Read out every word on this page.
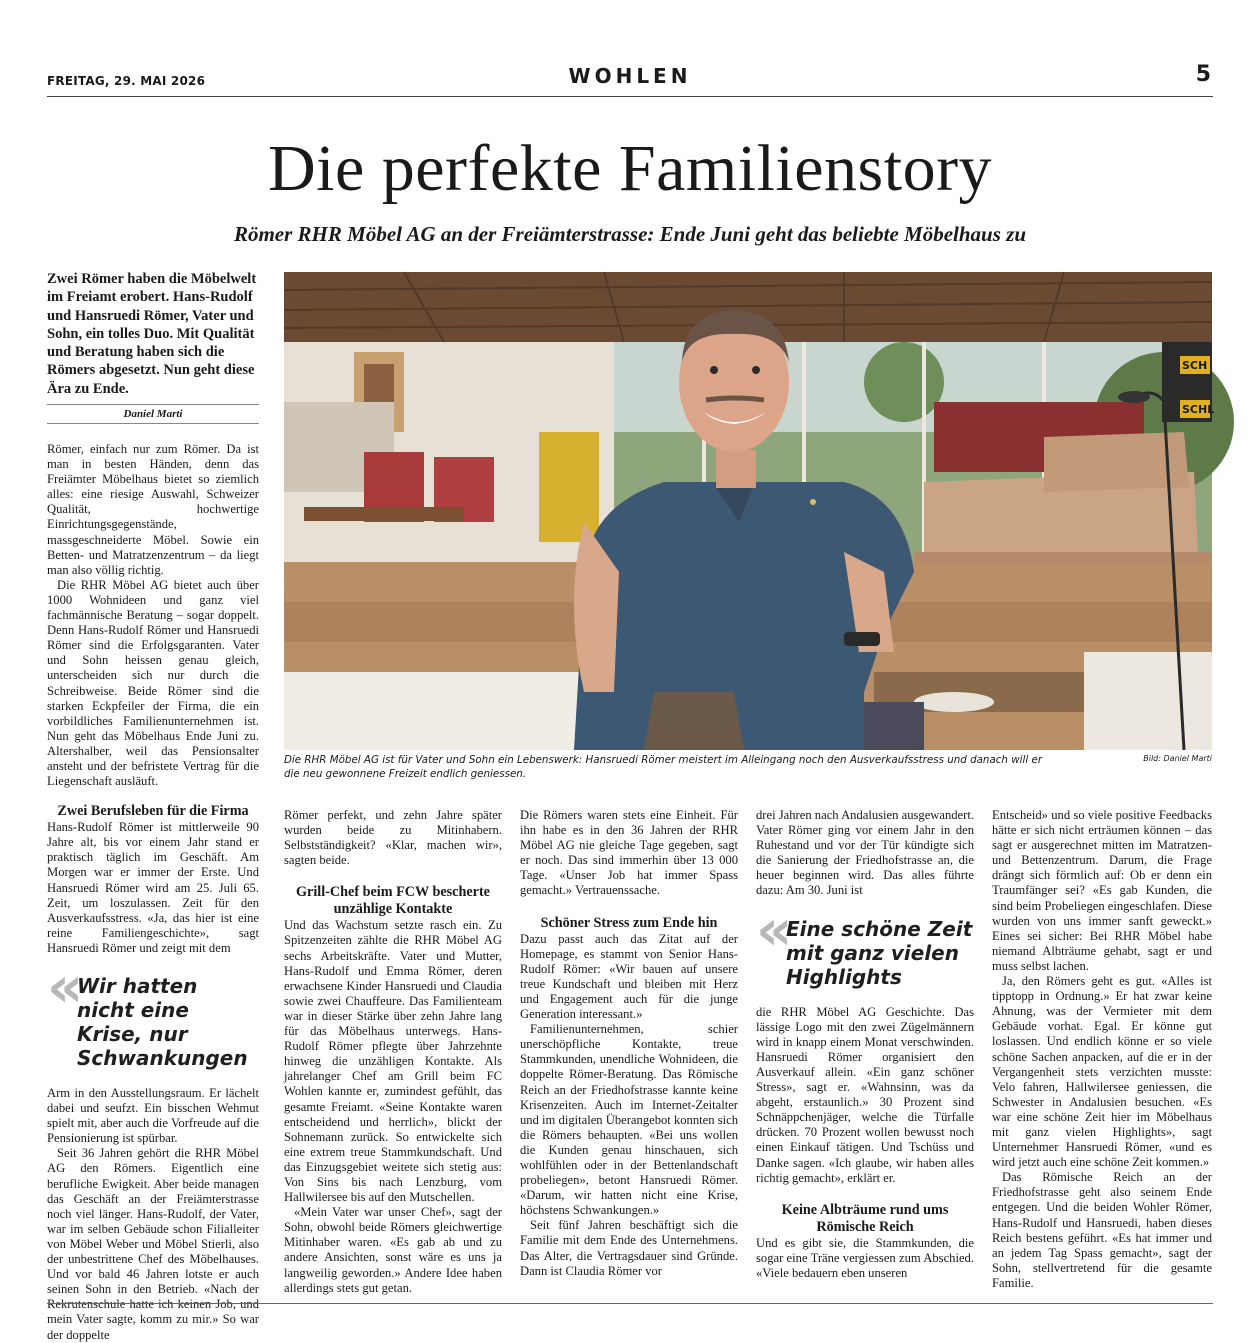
FREITAG, 29. MAI 2026	WOHLEN	5
Die perfekte Familienstory
Römer RHR Möbel AG an der Freiämterstrasse: Ende Juni geht das beliebte Möbelhaus zu
Zwei Römer haben die Möbelwelt im Freiamt erobert. Hans-Rudolf und Hansruedi Römer, Vater und Sohn, ein tolles Duo. Mit Qualität und Beratung haben sich die Römers abgesetzt. Nun geht diese Ära zu Ende.
Daniel Marti
SCH
SCHL
Die RHR Möbel AG ist für Vater und Sohn ein Lebenswerk: Hansruedi Römer meistert im Alleingang noch den Ausverkaufsstress und danach will er die neu gewonnene Freizeit endlich geniessen.
Bild: Daniel Marti

Römer, einfach nur zum Römer. Da ist man in besten Händen, denn das Freiämter Möbelhaus bietet so ziemlich alles: eine riesige Auswahl, Schweizer Qualität, hochwertige Einrichtungsgegenstände, massgeschneiderte Möbel. Sowie ein Betten- und Matratzenzentrum – da liegt man also völlig richtig.

Die RHR Möbel AG bietet auch über 1000 Wohnideen und ganz viel fachmännische Beratung – sogar doppelt. Denn Hans-Rudolf Römer und Hansruedi Römer sind die Erfolgsgaranten. Vater und Sohn heissen genau gleich, unterscheiden sich nur durch die Schreibweise. Beide Römer sind die starken Eckpfeiler der Firma, die ein vorbildliches Familienunternehmen ist. Nun geht das Möbelhaus Ende Juni zu. Altershalber, weil das Pensionsalter ansteht und der befristete Vertrag für die Liegenschaft ausläuft.

Zwei Berufsleben für die Firma

Hans-Rudolf Römer ist mittlerweile 90 Jahre alt, bis vor einem Jahr stand er praktisch täglich im Geschäft. Am Morgen war er immer der Erste. Und Hansruedi Römer wird am 25. Juli 65. Zeit, um loszulassen. Zeit für den Ausverkaufsstress. «Ja, das hier ist eine reine Familiengeschichte», sagt Hansruedi Römer und zeigt mit dem

«
Wir hatten nicht eine Krise, nur Schwankungen

Arm in den Ausstellungsraum. Er lächelt dabei und seufzt. Ein bisschen Wehmut spielt mit, aber auch die Vorfreude auf die Pensionierung ist spürbar.

Seit 36 Jahren gehört die RHR Möbel AG den Römers. Eigentlich eine berufliche Ewigkeit. Aber beide managen das Geschäft an der Freiämterstrasse noch viel länger. Hans-Rudolf, der Vater, war im selben Gebäude schon Filialleiter von Möbel Weber und Möbel Stierli, also der unbestrittene Chef des Möbelhauses. Und vor bald 46 Jahren lotste er auch seinen Sohn in den Betrieb. «Nach der Rekrutenschule hatte ich keinen Job, und mein Vater sagte, komm zu mir.» So war der doppelte

Römer perfekt, und zehn Jahre später wurden beide zu Mitinhabern. Selbstständigkeit? «Klar, machen wir», sagten beide.

Grill-Chef beim FCW bescherte unzählige Kontakte

Und das Wachstum setzte rasch ein. Zu Spitzenzeiten zählte die RHR Möbel AG sechs Arbeitskräfte. Vater und Mutter, Hans-Rudolf und Emma Römer, deren erwachsene Kinder Hansruedi und Claudia sowie zwei Chauffeure. Das Familienteam war in dieser Stärke über zehn Jahre lang für das Möbelhaus unterwegs. Hans-Rudolf Römer pflegte über Jahrzehnte hinweg die unzähligen Kontakte. Als jahrelanger Chef am Grill beim FC Wohlen kannte er, zumindest gefühlt, das gesamte Freiamt. «Seine Kontakte waren entscheidend und herrlich», blickt der Sohnemann zurück. So entwickelte sich eine extrem treue Stammkundschaft. Und das Einzugsgebiet weitete sich stetig aus: Von Sins bis nach Lenzburg, vom Hallwilersee bis auf den Mutschellen.

«Mein Vater war unser Chef», sagt der Sohn, obwohl beide Römers gleichwertige Mitinhaber waren. «Es gab ab und zu andere Ansichten, sonst wäre es uns ja langweilig geworden.» Andere Idee haben allerdings stets gut getan.

Die Römers waren stets eine Einheit. Für ihn habe es in den 36 Jahren der RHR Möbel AG nie gleiche Tage gegeben, sagt er noch. Das sind immerhin über 13 000 Tage. «Unser Job hat immer Spass gemacht.» Vertrauenssache.

Schöner Stress zum Ende hin

Dazu passt auch das Zitat auf der Homepage, es stammt von Senior Hans-Rudolf Römer: «Wir bauen auf unsere treue Kundschaft und bleiben mit Herz und Engagement auch für die junge Generation interessant.»

Familienunternehmen, schier unerschöpfliche Kontakte, treue Stammkunden, unendliche Wohnideen, die doppelte Römer-Beratung. Das Römische Reich an der Friedhofstrasse kannte keine Krisenzeiten. Auch im Internet-Zeitalter und im digitalen Überangebot konnten sich die Römers behaupten. «Bei uns wollen die Kunden genau hinschauen, sich wohlfühlen oder in der Bettenlandschaft probeliegen», betont Hansruedi Römer. «Darum, wir hatten nicht eine Krise, höchstens Schwankungen.»

Seit fünf Jahren beschäftigt sich die Familie mit dem Ende des Unternehmens. Das Alter, die Vertragsdauer sind Gründe. Dann ist Claudia Römer vor

drei Jahren nach Andalusien ausgewandert. Vater Römer ging vor einem Jahr in den Ruhestand und vor der Tür kündigte sich die Sanierung der Friedhofstrasse an, die heuer beginnen wird. Das alles führte dazu: Am 30. Juni ist

«
Eine schöne Zeit mit ganz vielen Highlights

die RHR Möbel AG Geschichte. Das lässige Logo mit den zwei Zügelmännern wird in knapp einem Monat verschwinden. Hansruedi Römer organisiert den Ausverkauf allein. «Ein ganz schöner Stress», sagt er. «Wahnsinn, was da abgeht, erstaunlich.» 30 Prozent sind Schnäppchenjäger, welche die Türfalle drücken. 70 Prozent wollen bewusst noch einen Einkauf tätigen. Und Tschüss und Danke sagen. «Ich glaube, wir haben alles richtig gemacht», erklärt er.

Keine Albträume rund ums Römische Reich

Und es gibt sie, die Stammkunden, die sogar eine Träne vergiessen zum Abschied. «Viele bedauern eben unseren

Entscheid» und so viele positive Feedbacks hätte er sich nicht erträumen können – das sagt er ausgerechnet mitten im Matratzen- und Bettenzentrum. Darum, die Frage drängt sich förmlich auf: Ob er denn ein Traumfänger sei? «Es gab Kunden, die sind beim Probeliegen eingeschlafen. Diese wurden von uns immer sanft geweckt.» Eines sei sicher: Bei RHR Möbel habe niemand Albträume gehabt, sagt er und muss selbst lachen.

Ja, den Römers geht es gut. «Alles ist tipptopp in Ordnung.» Er hat zwar keine Ahnung, was der Vermieter mit dem Gebäude vorhat. Egal. Er könne gut loslassen. Und endlich könne er so viele schöne Sachen anpacken, auf die er in der Vergangenheit stets verzichten musste: Velo fahren, Hallwilersee geniessen, die Schwester in Andalusien besuchen. «Es war eine schöne Zeit hier im Möbelhaus mit ganz vielen Highlights», sagt Unternehmer Hansruedi Römer, «und es wird jetzt auch eine schöne Zeit kommen.»

Das Römische Reich an der Friedhofstrasse geht also seinem Ende entgegen. Und die beiden Wohler Römer, Hans-Rudolf und Hansruedi, haben dieses Reich bestens geführt. «Es hat immer und an jedem Tag Spass gemacht», sagt der Sohn, stellvertretend für die gesamte Familie.
